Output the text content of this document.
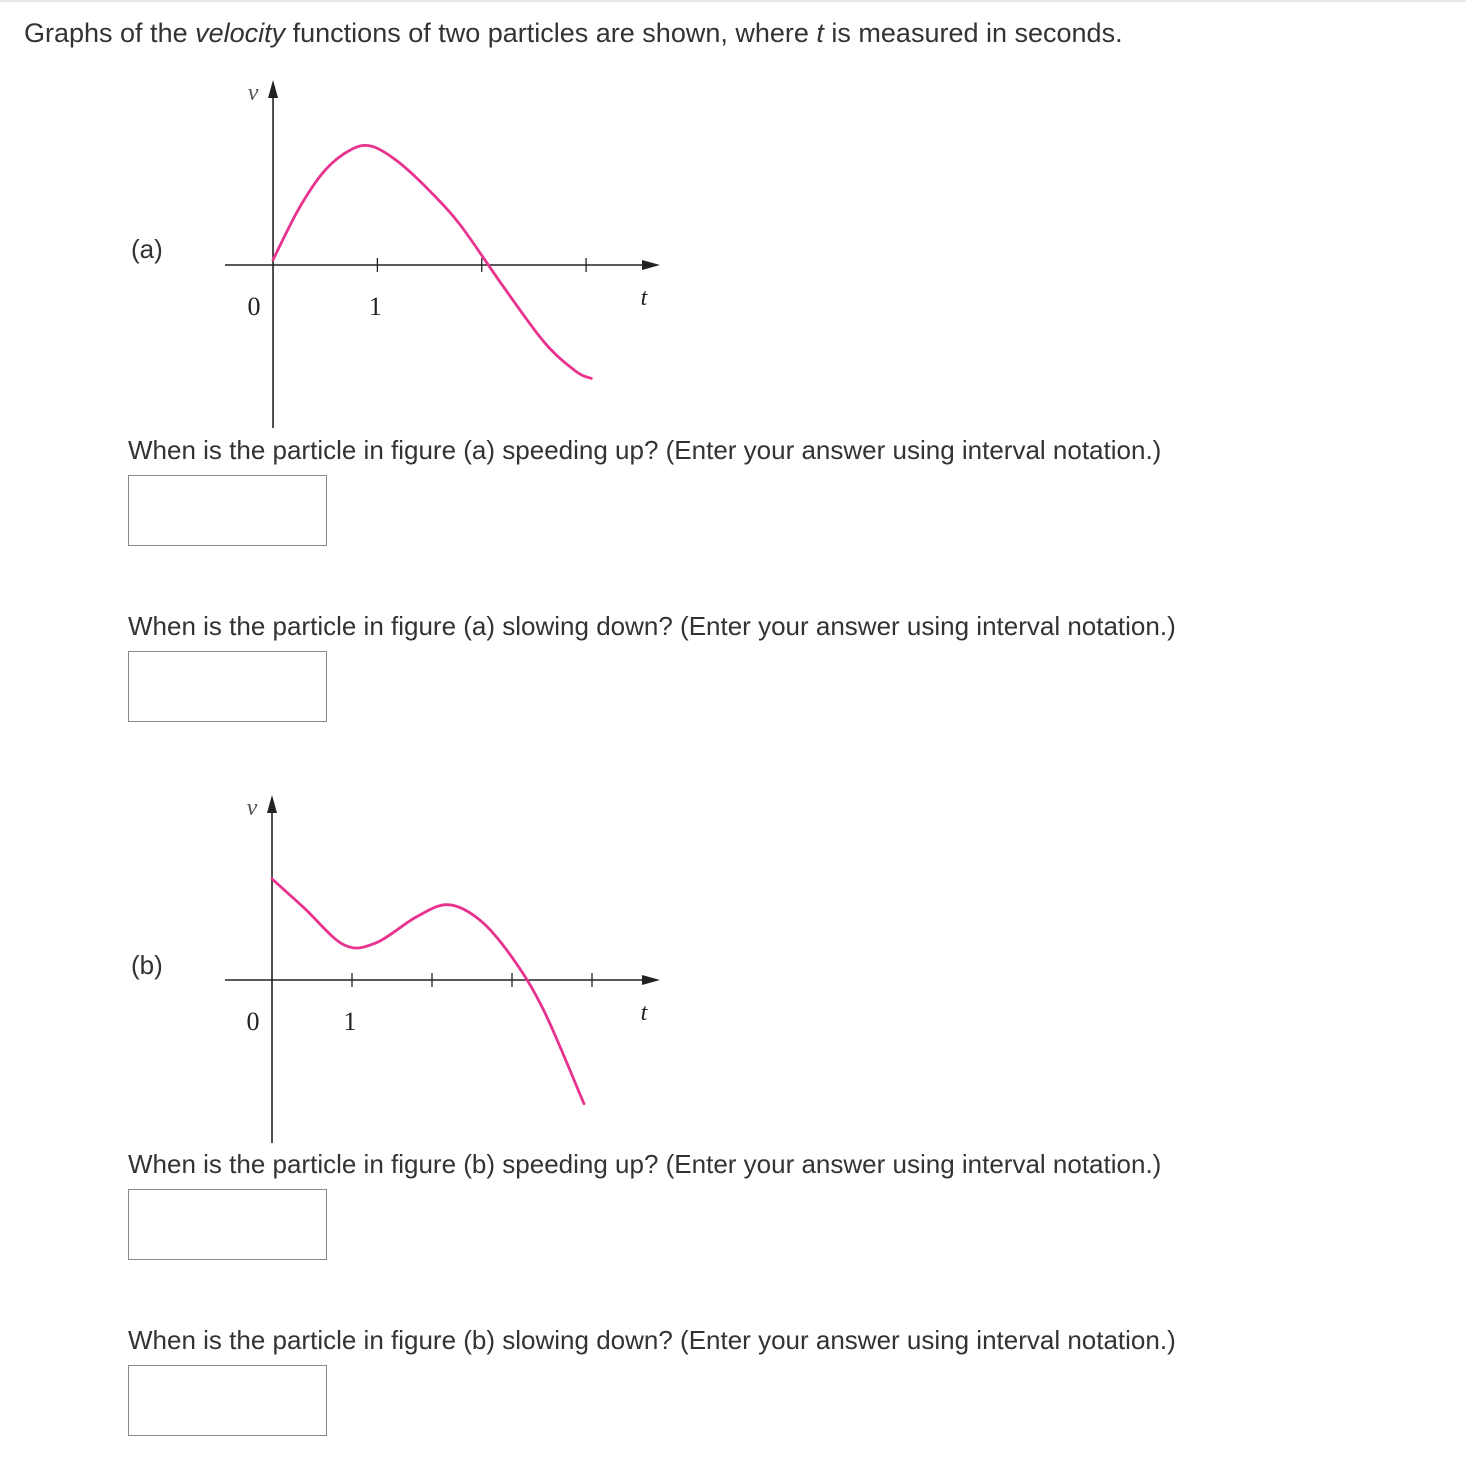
Graphs of the velocity functions of two particles are shown, where t is measured in seconds.

(a)
0	1
v
t
When is the particle in figure (a) speeding up? (Enter your answer using interval notation.)
When is the particle in figure (a) slowing down? (Enter your answer using interval notation.)
(b)
0	1
v
t
When is the particle in figure (b) speeding up? (Enter your answer using interval notation.)
When is the particle in figure (b) slowing down? (Enter your answer using interval notation.)
